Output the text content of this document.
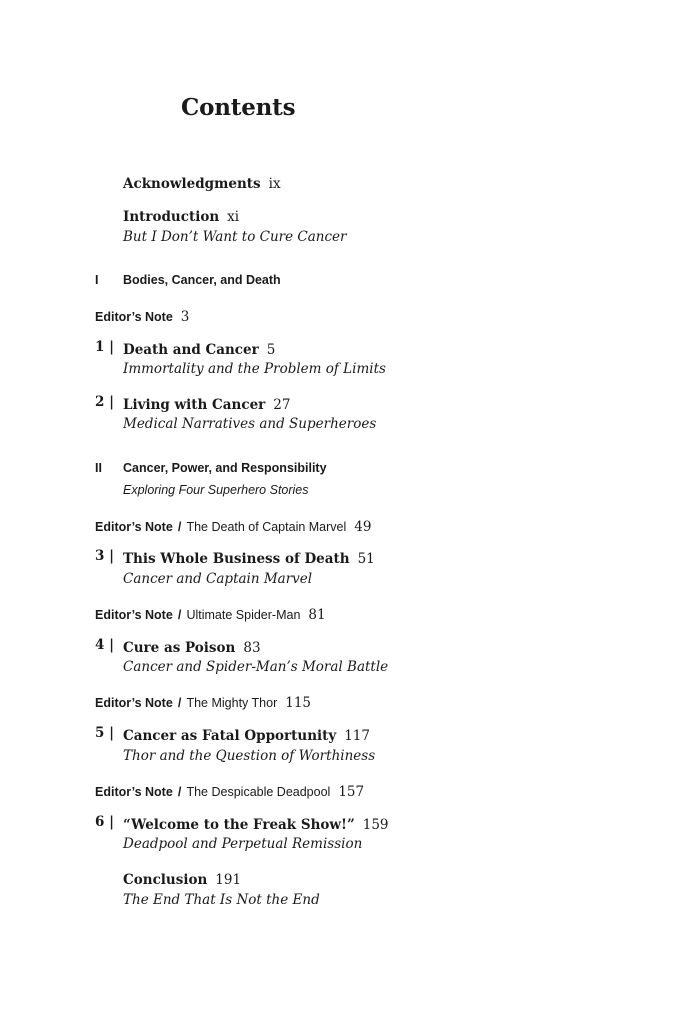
Contents
Acknowledgments ix
Introduction xi
But I Don’t Want to Cure Cancer
I Bodies, Cancer, and Death
Editor’s Note 3
1 | Death and Cancer 5
Immortality and the Problem of Limits
2 | Living with Cancer 27
Medical Narratives and Superheroes
II Cancer, Power, and Responsibility
Exploring Four Superhero Stories
Editor’s Note / The Death of Captain Marvel 49
3 | This Whole Business of Death 51
Cancer and Captain Marvel
Editor’s Note / Ultimate Spider-Man 81
4 | Cure as Poison 83
Cancer and Spider-Man’s Moral Battle
Editor’s Note / The Mighty Thor 115
5 | Cancer as Fatal Opportunity 117
Thor and the Question of Worthiness
Editor’s Note / The Despicable Deadpool 157
6 | “Welcome to the Freak Show!” 159
Deadpool and Perpetual Remission
Conclusion 191
The End That Is Not the End
